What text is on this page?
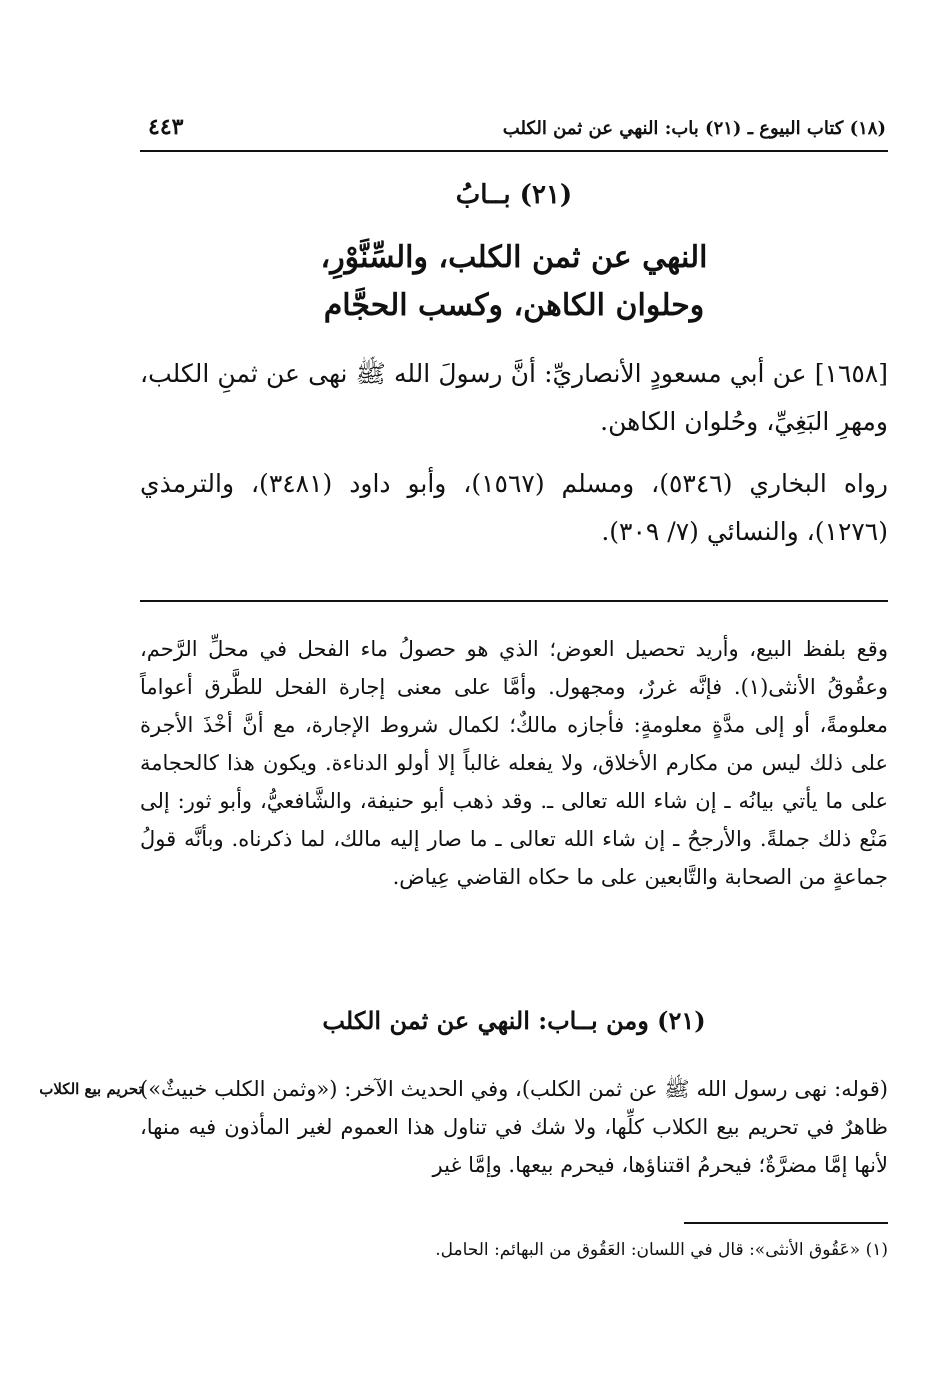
(١٨) كتاب البيوع ـ (٢١) باب: النهي عن ثمن الكلب
٤٤٣
(٢١) بــابُ
النهي عن ثمن الكلب، والسِّنَّوْرِ،
وحلوان الكاهن، وكسب الحجَّام

[١٦٥٨] عن أبي مسعودٍ الأنصاريِّ: أنَّ رسولَ الله ﷺ نهى عن ثمنِ الكلب، ومهرِ البَغِيِّ، وحُلوان الكاهن.

رواه البخاري (٥٣٤٦)، ومسلم (١٥٦٧)، وأبو داود (٣٤٨١)، والترمذي (١٢٧٦)، والنسائي (٧/ ٣٠٩).

وقع بلفظ البيع، وأريد تحصيل العوض؛ الذي هو حصولُ ماء الفحل في محلِّ الرَّحم، وعقُوقُ الأنثى(١). فإنَّه غررٌ، ومجهول. وأمَّا على معنى إجارة الفحل للطَّرق أعواماً معلومةً، أو إلى مدَّةٍ معلومةٍ: فأجازه مالكٌ؛ لكمال شروط الإجارة، مع أنَّ أخْذَ الأجرة على ذلك ليس من مكارم الأخلاق، ولا يفعله غالباً إلا أولو الدناءة. ويكون هذا كالحجامة على ما يأتي بيانُه ـ إن شاء الله تعالى ـ. وقد ذهب أبو حنيفة، والشَّافعيُّ، وأبو ثور: إلى مَنْع ذلك جملةً. والأرجحُ ـ إن شاء الله تعالى ـ ما صار إليه مالك، لما ذكرناه. وبأنَّه قولُ جماعةٍ من الصحابة والتَّابعين على ما حكاه القاضي عِياض.

(٢١) ومن بــاب: النهي عن ثمن الكلب

(قوله: نهى رسول الله ﷺ عن ثمن الكلب)، وفي الحديث الآخر: («وثمن الكلب خبيثٌ») ظاهرٌ في تحريم بيع الكلاب كلِّها، ولا شك في تناول هذا العموم لغير المأذون فيه منها، لأنها إمَّا مضرَّةٌ؛ فيحرمُ اقتناؤها، فيحرم بيعها. وإمَّا غير

تحريم بيع الكلاب
(١) «عَقُوق الأنثى»: قال في اللسان: العَقُوق من البهائم: الحامل.
